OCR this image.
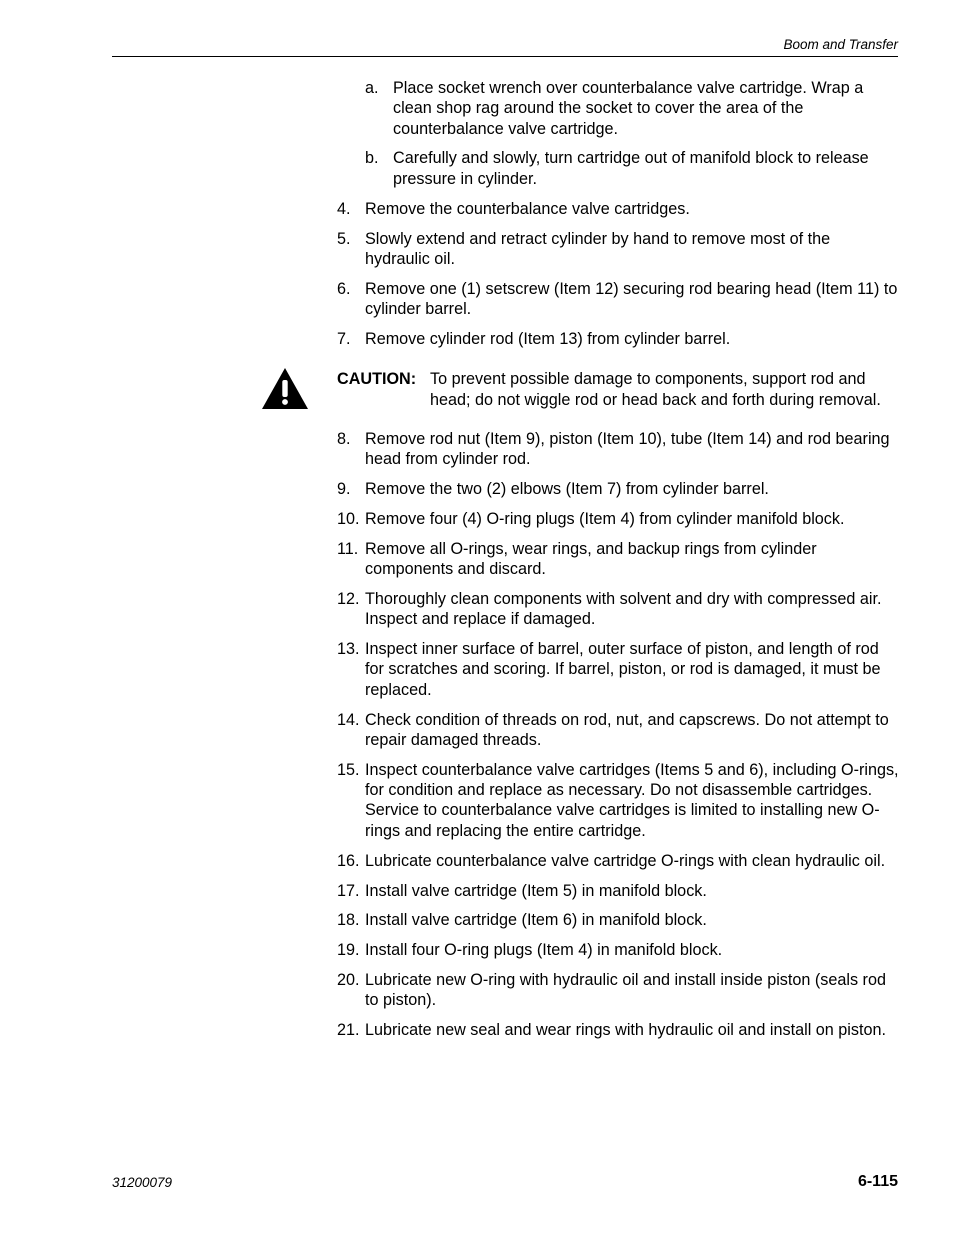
Boom and Transfer
a. Place socket wrench over counterbalance valve cartridge. Wrap a clean shop rag around the socket to cover the area of the counterbalance valve cartridge.
b. Carefully and slowly, turn cartridge out of manifold block to release pressure in cylinder.
4. Remove the counterbalance valve cartridges.
5. Slowly extend and retract cylinder by hand to remove most of the hydraulic oil.
6. Remove one (1) setscrew (Item 12) securing rod bearing head (Item 11) to cylinder barrel.
7. Remove cylinder rod (Item 13) from cylinder barrel.
CAUTION: To prevent possible damage to components, support rod and head; do not wiggle rod or head back and forth during removal.
8. Remove rod nut (Item 9), piston (Item 10), tube (Item 14) and rod bearing head from cylinder rod.
9. Remove the two (2) elbows (Item 7) from cylinder barrel.
10. Remove four (4) O-ring plugs (Item 4) from cylinder manifold block.
11. Remove all O-rings, wear rings, and backup rings from cylinder components and discard.
12. Thoroughly clean components with solvent and dry with compressed air. Inspect and replace if damaged.
13. Inspect inner surface of barrel, outer surface of piston, and length of rod for scratches and scoring. If barrel, piston, or rod is damaged, it must be replaced.
14. Check condition of threads on rod, nut, and capscrews. Do not attempt to repair damaged threads.
15. Inspect counterbalance valve cartridges (Items 5 and 6), including O-rings, for condition and replace as necessary. Do not disassemble cartridges. Service to counterbalance valve cartridges is limited to installing new O-rings and replacing the entire cartridge.
16. Lubricate counterbalance valve cartridge O-rings with clean hydraulic oil.
17. Install valve cartridge (Item 5) in manifold block.
18. Install valve cartridge (Item 6) in manifold block.
19. Install four O-ring plugs (Item 4) in manifold block.
20. Lubricate new O-ring with hydraulic oil and install inside piston (seals rod to piston).
21. Lubricate new seal and wear rings with hydraulic oil and install on piston.
31200079	6-115
